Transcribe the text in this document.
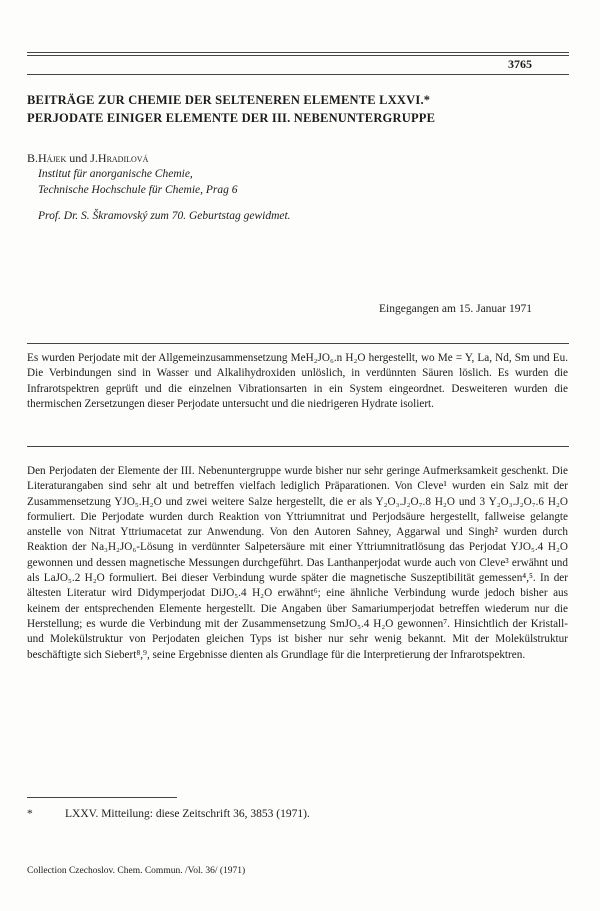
3765
BEITRÄGE ZUR CHEMIE DER SELTENEREN ELEMENTE LXXVI.*
PERJODATE EINIGER ELEMENTE DER III. NEBENUNTERGRUPPE
B.Hájek und J.Hradilová
Institut für anorganische Chemie,
Technische Hochschule für Chemie, Prag 6
Prof. Dr. S. Škramovský zum 70. Geburtstag gewidmet.
Eingegangen am 15. Januar 1971

Es wurden Perjodate mit der Allgemeinzusammensetzung MeH₂JO₆.n H₂O hergestellt, wo Me = Y, La, Nd, Sm und Eu. Die Verbindungen sind in Wasser und Alkalihydroxiden unlöslich, in verdünnten Säuren löslich. Es wurden die Infrarotspektren geprüft und die einzelnen Vibrationsarten in ein System eingeordnet. Desweiteren wurden die thermischen Zersetzungen dieser Perjodate untersucht und die niedrigeren Hydrate isoliert.

Den Perjodaten der Elemente der III. Nebenuntergruppe wurde bisher nur sehr geringe Aufmerksamkeit geschenkt. Die Literaturangaben sind sehr alt und betreffen vielfach lediglich Präparationen. Von Cleve¹ wurden ein Salz mit der Zusammensetzung YJO₅.H₂O und zwei weitere Salze hergestellt, die er als Y₂O₃.J₂O₇.8 H₂O und 3 Y₂O₃.J₂O₇.6 H₂O formuliert. Die Perjodate wurden durch Reaktion von Yttriumnitrat und Perjodsäure hergestellt, fallweise gelangte anstelle von Nitrat Yttriumacetat zur Anwendung. Von den Autoren Sahney, Aggarwal und Singh² wurden durch Reaktion der Na₃H₂JO₆-Lösung in verdünnter Salpetersäure mit einer Yttriumnitratlösung das Perjodat YJO₅.4 H₂O gewonnen und dessen magnetische Messungen durchgeführt. Das Lanthanperjodat wurde auch von Cleve³ erwähnt und als LaJO₅.2 H₂O formuliert. Bei dieser Verbindung wurde später die magnetische Suszeptibilität gemessen⁴,⁵. In der ältesten Literatur wird Didymperjodat DiJO₅.4 H₂O erwähnt⁶; eine ähnliche Verbindung wurde jedoch bisher aus keinem der entsprechenden Elemente hergestellt. Die Angaben über Samariumperjodat betreffen wiederum nur die Herstellung; es wurde die Verbindung mit der Zusammensetzung SmJO₅.4 H₂O gewonnen⁷. Hinsichtlich der Kristall- und Molekülstruktur von Perjodaten gleichen Typs ist bisher nur sehr wenig bekannt. Mit der Molekülstruktur beschäftigte sich Siebert⁸,⁹, seine Ergebnisse dienten als Grundlage für die Interpretierung der Infrarotspektren.

*	LXXV. Mitteilung: diese Zeitschrift 36, 3853 (1971).
Collection Czechoslov. Chem. Commun. /Vol. 36/ (1971)
